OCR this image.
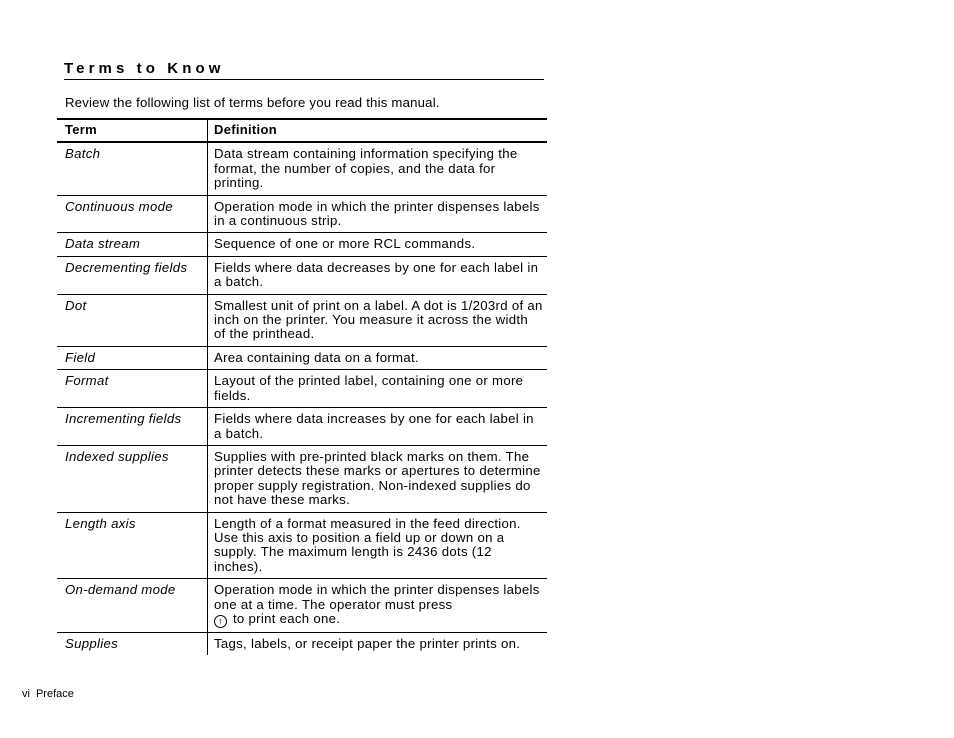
Terms to Know
Review the following list of terms before you read this manual.
Term	Definition
Batch	Data stream containing information specifying the format, the number of copies, and the data for printing.
Continuous mode	Operation mode in which the printer dispenses labels in a continuous strip.
Data stream	Sequence of one or more RCL commands.
Decrementing fields	Fields where data decreases by one for each label in a batch.
Dot	Smallest unit of print on a label. A dot is 1/203rd of an inch on the printer. You measure it across the width of the printhead.
Field	Area containing data on a format.
Format	Layout of the printed label, containing one or more fields.
Incrementing fields	Fields where data increases by one for each label in a batch.
Indexed supplies	Supplies with pre-printed black marks on them. The printer detects these marks or apertures to determine proper supply registration. Non-indexed supplies do not have these marks.
Length axis	Length of a format measured in the feed direction. Use this axis to position a field up or down on a supply. The maximum length is 2436 dots (12 inches).
On-demand mode	Operation mode in which the printer dispenses labels one at a time. The operator must press
↑ to print each one.
Supplies	Tags, labels, or receipt paper the printer prints on.
vi Preface
